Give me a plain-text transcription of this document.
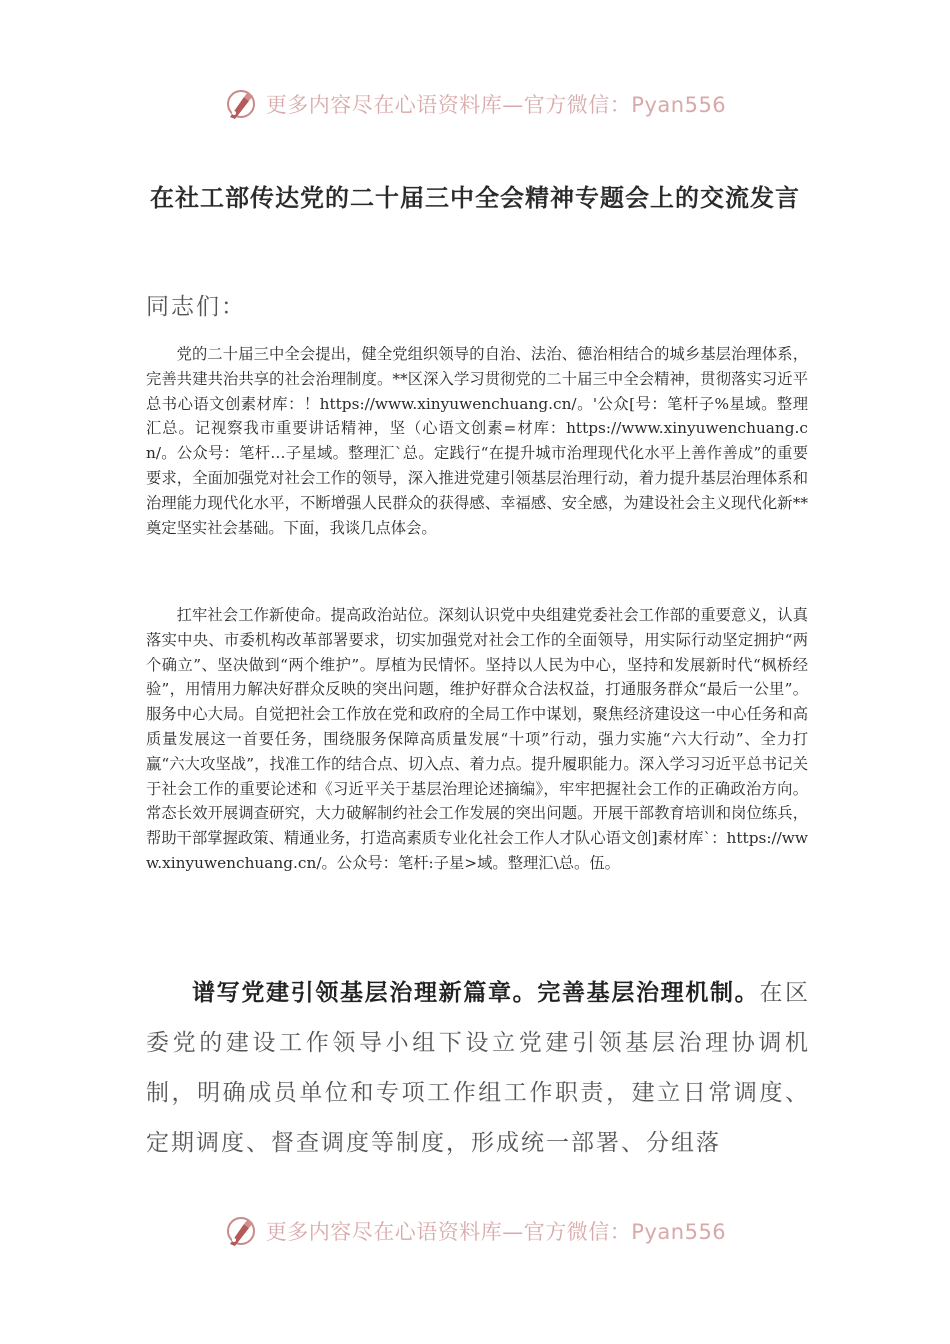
更多内容尽在心语资料库—官方微信：Pyan556
在社工部传达党的二十届三中全会精神专题会上的交流发言
同志们：

党的二十届三中全会提出，健全党组织领导的自治、法治、德治相结合的城乡基层治理体系，完善共建共治共享的社会治理制度。**区深入学习贯彻党的二十届三中全会精神，贯彻落实习近平总书心语文创素材库：！https://www.xinyuwenchuang.cn/。'公众[号：笔杆子%星域。整理汇总。记视察我市重要讲话精神，坚（心语文创素=材库：https://www.xinyuwenchuang.cn/。公众号：笔杆…子星域。整理汇`总。定践行“在提升城市治理现代化水平上善作善成”的重要要求，全面加强党对社会工作的领导，深入推进党建引领基层治理行动，着力提升基层治理体系和治理能力现代化水平，不断增强人民群众的获得感、幸福感、安全感，为建设社会主义现代化新**奠定坚实社会基础。下面，我谈几点体会。

扛牢社会工作新使命。提高政治站位。深刻认识党中央组建党委社会工作部的重要意义，认真落实中央、市委机构改革部署要求，切实加强党对社会工作的全面领导，用实际行动坚定拥护“两个确立”、坚决做到“两个维护”。厚植为民情怀。坚持以人民为中心，坚持和发展新时代“枫桥经验”，用情用力解决好群众反映的突出问题，维护好群众合法权益，打通服务群众“最后一公里”。服务中心大局。自觉把社会工作放在党和政府的全局工作中谋划，聚焦经济建设这一中心任务和高质量发展这一首要任务，围绕服务保障高质量发展“十项”行动，强力实施“六大行动”、全力打赢“六大攻坚战”，找准工作的结合点、切入点、着力点。提升履职能力。深入学习习近平总书记关于社会工作的重要论述和《习近平关于基层治理论述摘编》，牢牢把握社会工作的正确政治方向。常态长效开展调查研究，大力破解制约社会工作发展的突出问题。开展干部教育培训和岗位练兵，帮助干部掌握政策、精通业务，打造高素质专业化社会工作人才队心语文创]素材库`：https://www.xinyuwenchuang.cn/。公众号：笔杆:子星>域。整理汇\总。伍。

谱写党建引领基层治理新篇章。完善基层治理机制。在区委党的建设工作领导小组下设立党建引领基层治理协调机制，明确成员单位和专项工作组工作职责，建立日常调度、定期调度、督查调度等制度，形成统一部署、分组落

更多内容尽在心语资料库—官方微信：Pyan556
